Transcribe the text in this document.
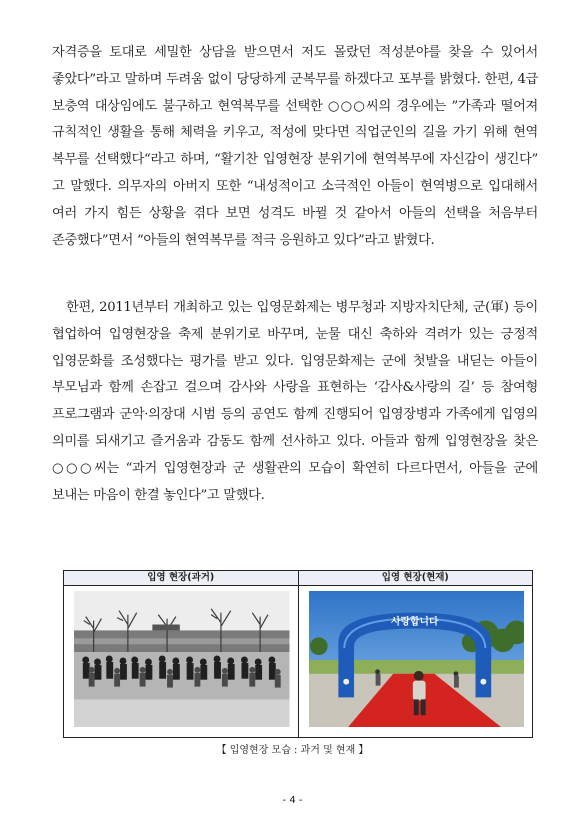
자격증을 토대로 세밀한 상담을 받으면서 저도 몰랐던 적성분야를 찾을 수 있어서 좋았다”라고 말하며 두려움 없이 당당하게 군복무를 하겠다고 포부를 밝혔다. 한편, 4급 보충역 대상임에도 불구하고 현역복무를 선택한 ○○○씨의 경우에는 ”가족과 떨어져 규칙적인 생활을 통해 체력을 키우고, 적성에 맞다면 직업군인의 길을 가기 위해 현역 복무를 선택했다“라고 하며, “활기찬 입영현장 분위기에 현역복무에 자신감이 생긴다” 고 말했다. 의무자의 아버지 또한 “내성적이고 소극적인 아들이 현역병으로 입대해서 여러 가지 힘든 상황을 겪다 보면 성격도 바뀔 것 같아서 아들의 선택을 처음부터 존중했다”면서 “아들의 현역복무를 적극 응원하고 있다”라고 밝혔다.

한편, 2011년부터 개최하고 있는 입영문화제는 병무청과 지방자치단체, 군(軍) 등이 협업하여 입영현장을 축제 분위기로 바꾸며, 눈물 대신 축하와 격려가 있는 긍정적 입영문화를 조성했다는 평가를 받고 있다. 입영문화제는 군에 첫발을 내딛는 아들이 부모님과 함께 손잡고 걸으며 감사와 사랑을 표현하는 ‘감사&사랑의 길’ 등 참여형 프로그램과 군악·의장대 시범 등의 공연도 함께 진행되어 입영장병과 가족에게 입영의 의미를 되새기고 즐거움과 감동도 함께 선사하고 있다. 아들과 함께 입영현장을 찾은 ○○○씨는 “과거 입영현장과 군 생활관의 모습이 확연히 다르다면서, 아들을 군에 보내는 마음이 한결 놓인다”고 말했다.

입영 현장(과거)	입영 현장(현재)
사랑합니다
【 입영현장 모습 : 과거 및 현재 】
- 4 -
